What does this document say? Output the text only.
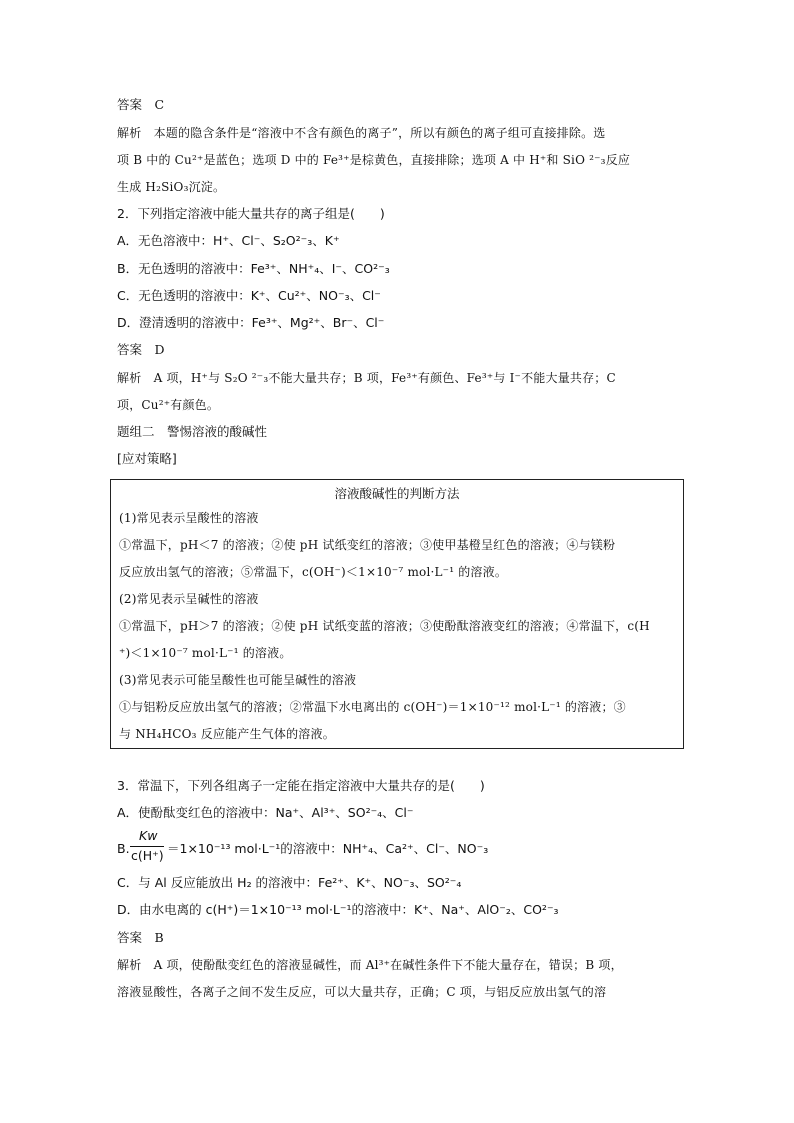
答案　C
解析　本题的隐含条件是“溶液中不含有颜色的离子”，所以有颜色的离子组可直接排除。选
项 B 中的 Cu²⁺是蓝色；选项 D 中的 Fe³⁺是棕黄色，直接排除；选项 A 中 H⁺和 SiO ²⁻₃反应
生成 H₂SiO₃沉淀。
2．下列指定溶液中能大量共存的离子组是(　　)
A．无色溶液中：H⁺、Cl⁻、S₂O²⁻₃、K⁺
B．无色透明的溶液中：Fe³⁺、NH⁺₄、I⁻、CO²⁻₃
C．无色透明的溶液中：K⁺、Cu²⁺、NO⁻₃、Cl⁻
D．澄清透明的溶液中：Fe³⁺、Mg²⁺、Br⁻、Cl⁻
答案　D
解析　A 项，H⁺与 S₂O ²⁻₃不能大量共存；B 项，Fe³⁺有颜色、Fe³⁺与 I⁻不能大量共存；C
项，Cu²⁺有颜色。
题组二　警惕溶液的酸碱性
[应对策略]
溶液酸碱性的判断方法
(1)常见表示呈酸性的溶液
①常温下，pH＜7 的溶液；②使 pH 试纸变红的溶液；③使甲基橙呈红色的溶液；④与镁粉
反应放出氢气的溶液；⑤常温下，c(OH⁻)＜1×10⁻⁷ mol·L⁻¹ 的溶液。
(2)常见表示呈碱性的溶液
①常温下，pH＞7 的溶液；②使 pH 试纸变蓝的溶液；③使酚酞溶液变红的溶液；④常温下，c(H
⁺)＜1×10⁻⁷ mol·L⁻¹ 的溶液。
(3)常见表示可能呈酸性也可能呈碱性的溶液
①与铝粉反应放出氢气的溶液；②常温下水电离出的 c(OH⁻)＝1×10⁻¹² mol·L⁻¹ 的溶液；③
与 NH₄HCO₃ 反应能产生气体的溶液。
3．常温下，下列各组离子一定能在指定溶液中大量共存的是(　　)
A．使酚酞变红色的溶液中：Na⁺、Al³⁺、SO²⁻₄、Cl⁻
B.
Kw
c(H⁺) ＝1×10⁻¹³ mol·L⁻¹的溶液中：NH⁺₄、Ca²⁺、Cl⁻、NO⁻₃
C．与 Al 反应能放出 H₂ 的溶液中：Fe²⁺、K⁺、NO⁻₃、SO²⁻₄
D．由水电离的 c(H⁺)＝1×10⁻¹³ mol·L⁻¹的溶液中：K⁺、Na⁺、AlO⁻₂、CO²⁻₃
答案　B
解析　A 项，使酚酞变红色的溶液显碱性，而 Al³⁺在碱性条件下不能大量存在，错误；B 项，
溶液显酸性，各离子之间不发生反应，可以大量共存，正确；C 项，与铝反应放出氢气的溶
